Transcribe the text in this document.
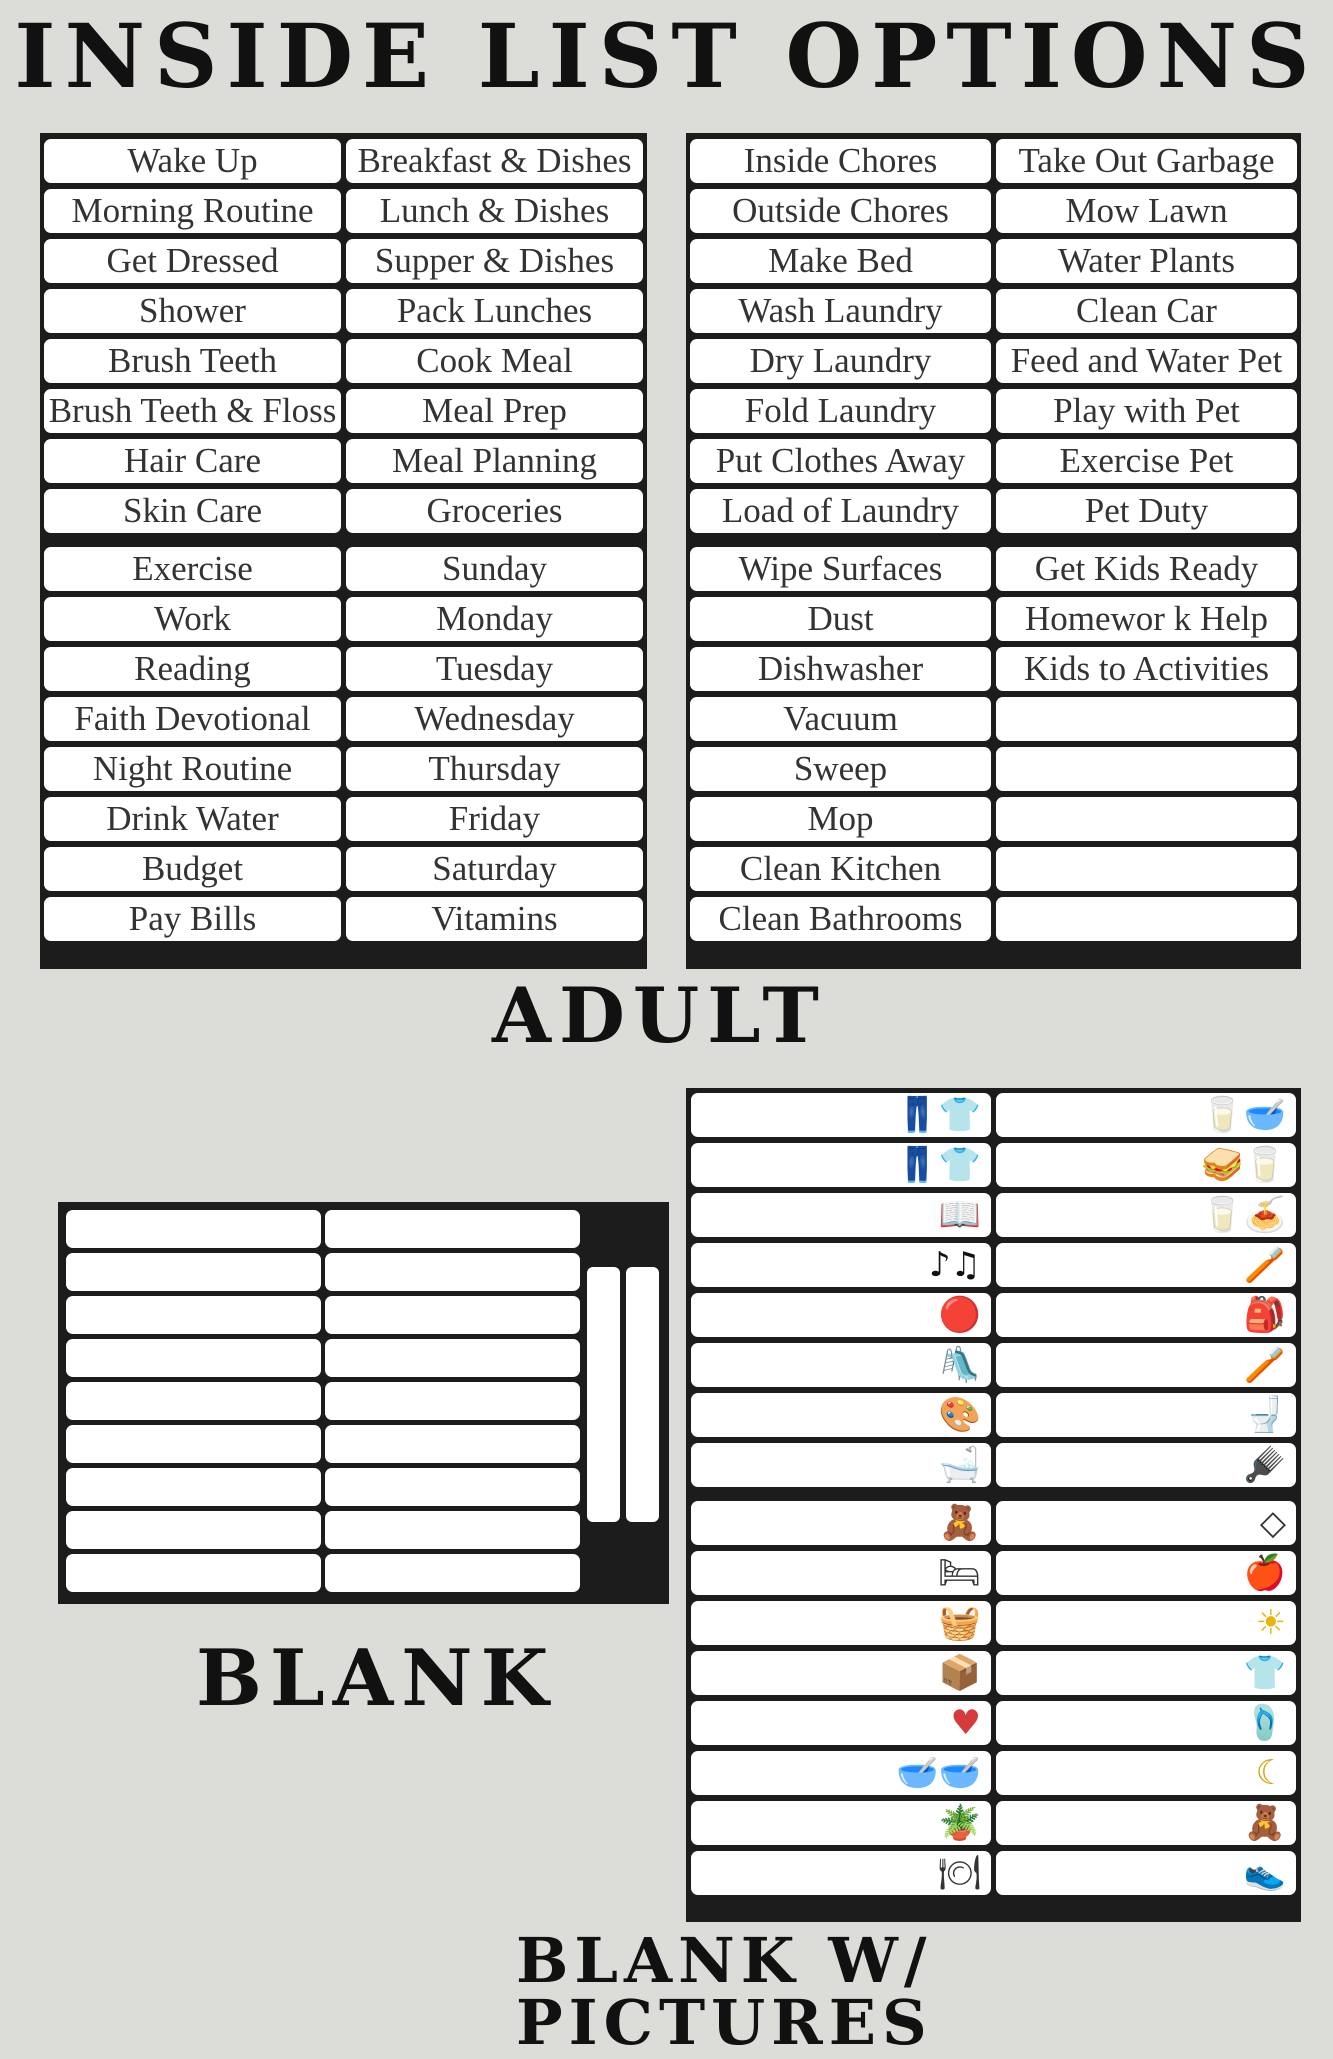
INSIDE LIST OPTIONS
Wake Up	Breakfast & Dishes
Morning Routine	Lunch & Dishes
Get Dressed	Supper & Dishes
Shower	Pack Lunches
Brush Teeth	Cook Meal
Brush Teeth & Floss	Meal Prep
Hair Care	Meal Planning
Skin Care	Groceries
Exercise	Sunday
Work	Monday
Reading	Tuesday
Faith Devotional	Wednesday
Night Routine	Thursday
Drink Water	Friday
Budget	Saturday
Pay Bills	Vitamins
Inside Chores	Take Out Garbage
Outside Chores	Mow Lawn
Make Bed	Water Plants
Wash Laundry	Clean Car
Dry Laundry	Feed and Water Pet
Fold Laundry	Play with Pet
Put Clothes Away	Exercise Pet
Load of Laundry	Pet Duty
Wipe Surfaces	Get Kids Ready
Dust	Homewor k Help
Dishwasher	Kids to Activities
Vacuum
Sweep
Mop
Clean Kitchen
Clean Bathrooms
ADULT
BLANK
👖👕	🥛🥣
👖👕	🥪🥛
📖	🥛🍝
♪♫	🪥
🔴	🎒
🛝	🪥
🎨	🚽
🛁	🪮
🧸	◇
🛏	🍎
🧺	☀
📦	👕
♥	🩴
🥣🥣	☾
🪴	🧸
🍽	👟
BLANK W/ PICTURES
